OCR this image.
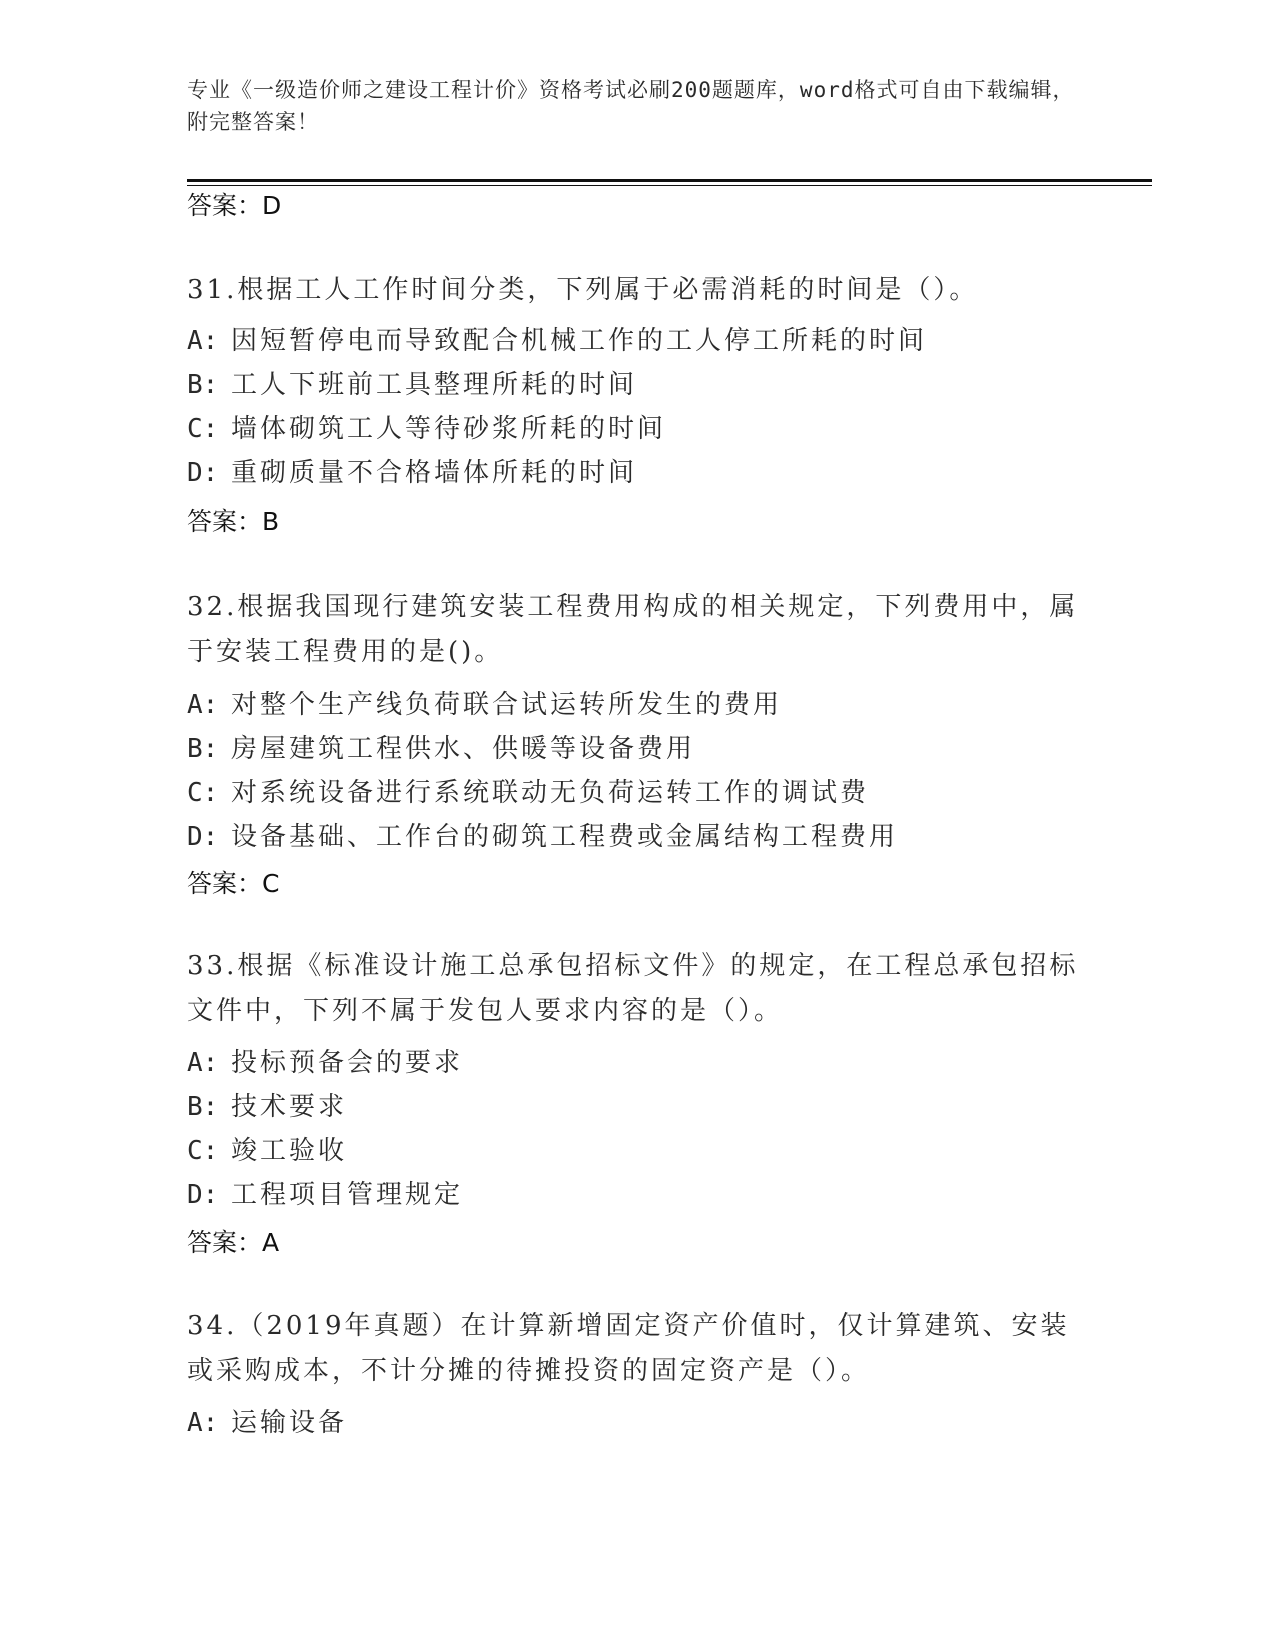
专业《一级造价师之建设工程计价》资格考试必刷200题题库，word格式可自由下载编辑，附完整答案！
答案：D
31.根据工人工作时间分类，下列属于必需消耗的时间是（）。
A: 因短暂停电而导致配合机械工作的工人停工所耗的时间
B: 工人下班前工具整理所耗的时间
C: 墙体砌筑工人等待砂浆所耗的时间
D: 重砌质量不合格墙体所耗的时间
答案：B
32.根据我国现行建筑安装工程费用构成的相关规定，下列费用中，属于安装工程费用的是()。
A: 对整个生产线负荷联合试运转所发生的费用
B: 房屋建筑工程供水、供暖等设备费用
C: 对系统设备进行系统联动无负荷运转工作的调试费
D: 设备基础、工作台的砌筑工程费或金属结构工程费用
答案：C
33.根据《标准设计施工总承包招标文件》的规定，在工程总承包招标文件中，下列不属于发包人要求内容的是（）。
A: 投标预备会的要求
B: 技术要求
C: 竣工验收
D: 工程项目管理规定
答案：A
34.（2019年真题）在计算新增固定资产价值时，仅计算建筑、安装或采购成本，不计分摊的待摊投资的固定资产是（）。
A: 运输设备
